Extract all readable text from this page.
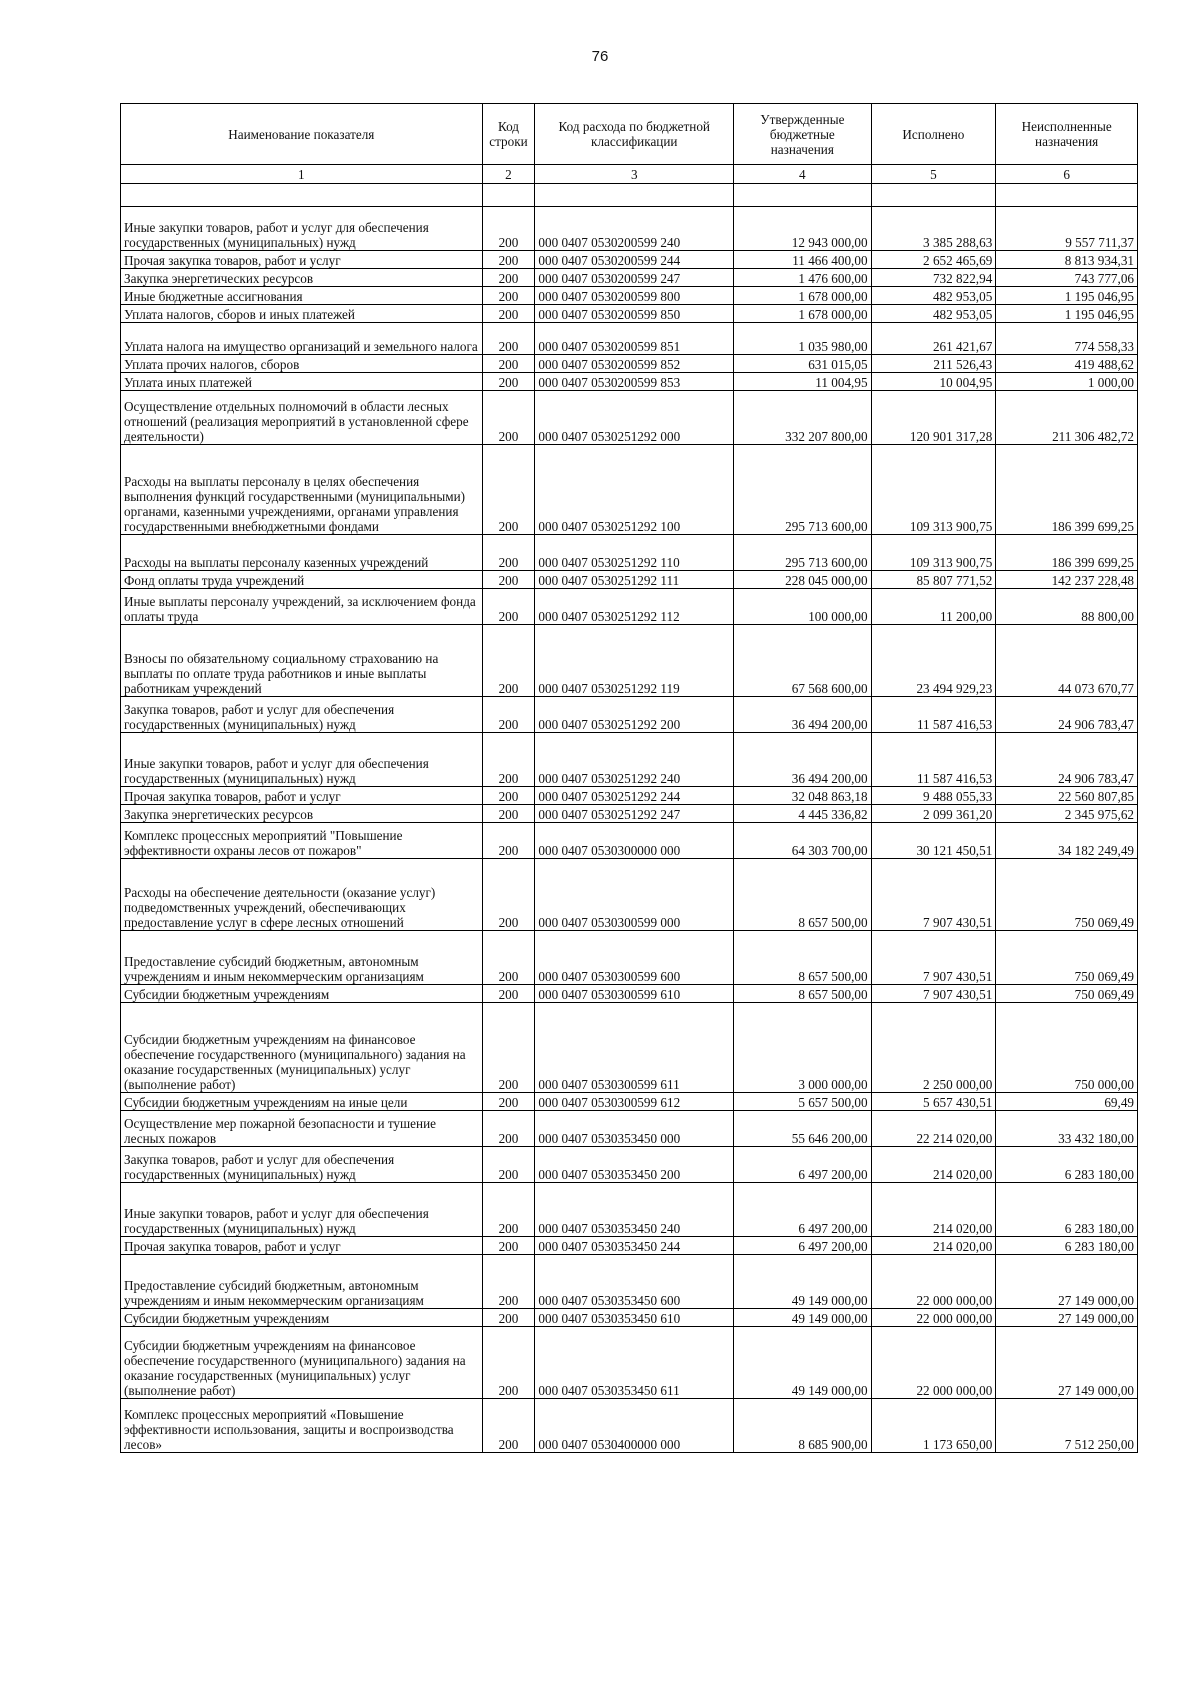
76
Наименование показателя	Код строки	Код расхода по бюджетной классификации	Утвержденные бюджетные назначения	Исполнено	Неисполненные назначения
1	2	3	4	5	6

Иные закупки товаров, работ и услуг для обеспечения государственных (муниципальных) нужд	200	000 0407 0530200599 240	12 943 000,00	3 385 288,63	9 557 711,37
Прочая закупка товаров, работ и услуг	200	000 0407 0530200599 244	11 466 400,00	2 652 465,69	8 813 934,31
Закупка энергетических ресурсов	200	000 0407 0530200599 247	1 476 600,00	732 822,94	743 777,06
Иные бюджетные ассигнования	200	000 0407 0530200599 800	1 678 000,00	482 953,05	1 195 046,95
Уплата налогов, сборов и иных платежей	200	000 0407 0530200599 850	1 678 000,00	482 953,05	1 195 046,95
Уплата налога на имущество организаций и земельного налога	200	000 0407 0530200599 851	1 035 980,00	261 421,67	774 558,33
Уплата прочих налогов, сборов	200	000 0407 0530200599 852	631 015,05	211 526,43	419 488,62
Уплата иных платежей	200	000 0407 0530200599 853	11 004,95	10 004,95	1 000,00
Осуществление отдельных полномочий в области лесных отношений (реализация мероприятий в установленной сфере деятельности)	200	000 0407 0530251292 000	332 207 800,00	120 901 317,28	211 306 482,72
Расходы на выплаты персоналу в целях обеспечения выполнения функций государственными (муниципальными) органами, казенными учреждениями, органами управления государственными внебюджетными фондами	200	000 0407 0530251292 100	295 713 600,00	109 313 900,75	186 399 699,25
Расходы на выплаты персоналу казенных учреждений	200	000 0407 0530251292 110	295 713 600,00	109 313 900,75	186 399 699,25
Фонд оплаты труда учреждений	200	000 0407 0530251292 111	228 045 000,00	85 807 771,52	142 237 228,48
Иные выплаты персоналу учреждений, за исключением фонда оплаты труда	200	000 0407 0530251292 112	100 000,00	11 200,00	88 800,00
Взносы по обязательному социальному страхованию на выплаты по оплате труда работников и иные выплаты работникам учреждений	200	000 0407 0530251292 119	67 568 600,00	23 494 929,23	44 073 670,77
Закупка товаров, работ и услуг для обеспечения государственных (муниципальных) нужд	200	000 0407 0530251292 200	36 494 200,00	11 587 416,53	24 906 783,47
Иные закупки товаров, работ и услуг для обеспечения государственных (муниципальных) нужд	200	000 0407 0530251292 240	36 494 200,00	11 587 416,53	24 906 783,47
Прочая закупка товаров, работ и услуг	200	000 0407 0530251292 244	32 048 863,18	9 488 055,33	22 560 807,85
Закупка энергетических ресурсов	200	000 0407 0530251292 247	4 445 336,82	2 099 361,20	2 345 975,62
Комплекс процессных мероприятий "Повышение эффективности охраны лесов от пожаров"	200	000 0407 0530300000 000	64 303 700,00	30 121 450,51	34 182 249,49
Расходы на обеспечение деятельности (оказание услуг) подведомственных учреждений, обеспечивающих предоставление услуг в сфере лесных отношений	200	000 0407 0530300599 000	8 657 500,00	7 907 430,51	750 069,49
Предоставление субсидий бюджетным, автономным учреждениям и иным некоммерческим организациям	200	000 0407 0530300599 600	8 657 500,00	7 907 430,51	750 069,49
Субсидии бюджетным учреждениям	200	000 0407 0530300599 610	8 657 500,00	7 907 430,51	750 069,49
Субсидии бюджетным учреждениям на финансовое обеспечение государственного (муниципального) задания на оказание государственных (муниципальных) услуг (выполнение работ)	200	000 0407 0530300599 611	3 000 000,00	2 250 000,00	750 000,00
Субсидии бюджетным учреждениям на иные цели	200	000 0407 0530300599 612	5 657 500,00	5 657 430,51	69,49
Осуществление мер пожарной безопасности и тушение лесных пожаров	200	000 0407 0530353450 000	55 646 200,00	22 214 020,00	33 432 180,00
Закупка товаров, работ и услуг для обеспечения государственных (муниципальных) нужд	200	000 0407 0530353450 200	6 497 200,00	214 020,00	6 283 180,00
Иные закупки товаров, работ и услуг для обеспечения государственных (муниципальных) нужд	200	000 0407 0530353450 240	6 497 200,00	214 020,00	6 283 180,00
Прочая закупка товаров, работ и услуг	200	000 0407 0530353450 244	6 497 200,00	214 020,00	6 283 180,00
Предоставление субсидий бюджетным, автономным учреждениям и иным некоммерческим организациям	200	000 0407 0530353450 600	49 149 000,00	22 000 000,00	27 149 000,00
Субсидии бюджетным учреждениям	200	000 0407 0530353450 610	49 149 000,00	22 000 000,00	27 149 000,00
Субсидии бюджетным учреждениям на финансовое обеспечение государственного (муниципального) задания на оказание государственных (муниципальных) услуг (выполнение работ)	200	000 0407 0530353450 611	49 149 000,00	22 000 000,00	27 149 000,00
Комплекс процессных мероприятий «Повышение эффективности использования, защиты и воспроизводства лесов»	200	000 0407 0530400000 000	8 685 900,00	1 173 650,00	7 512 250,00
